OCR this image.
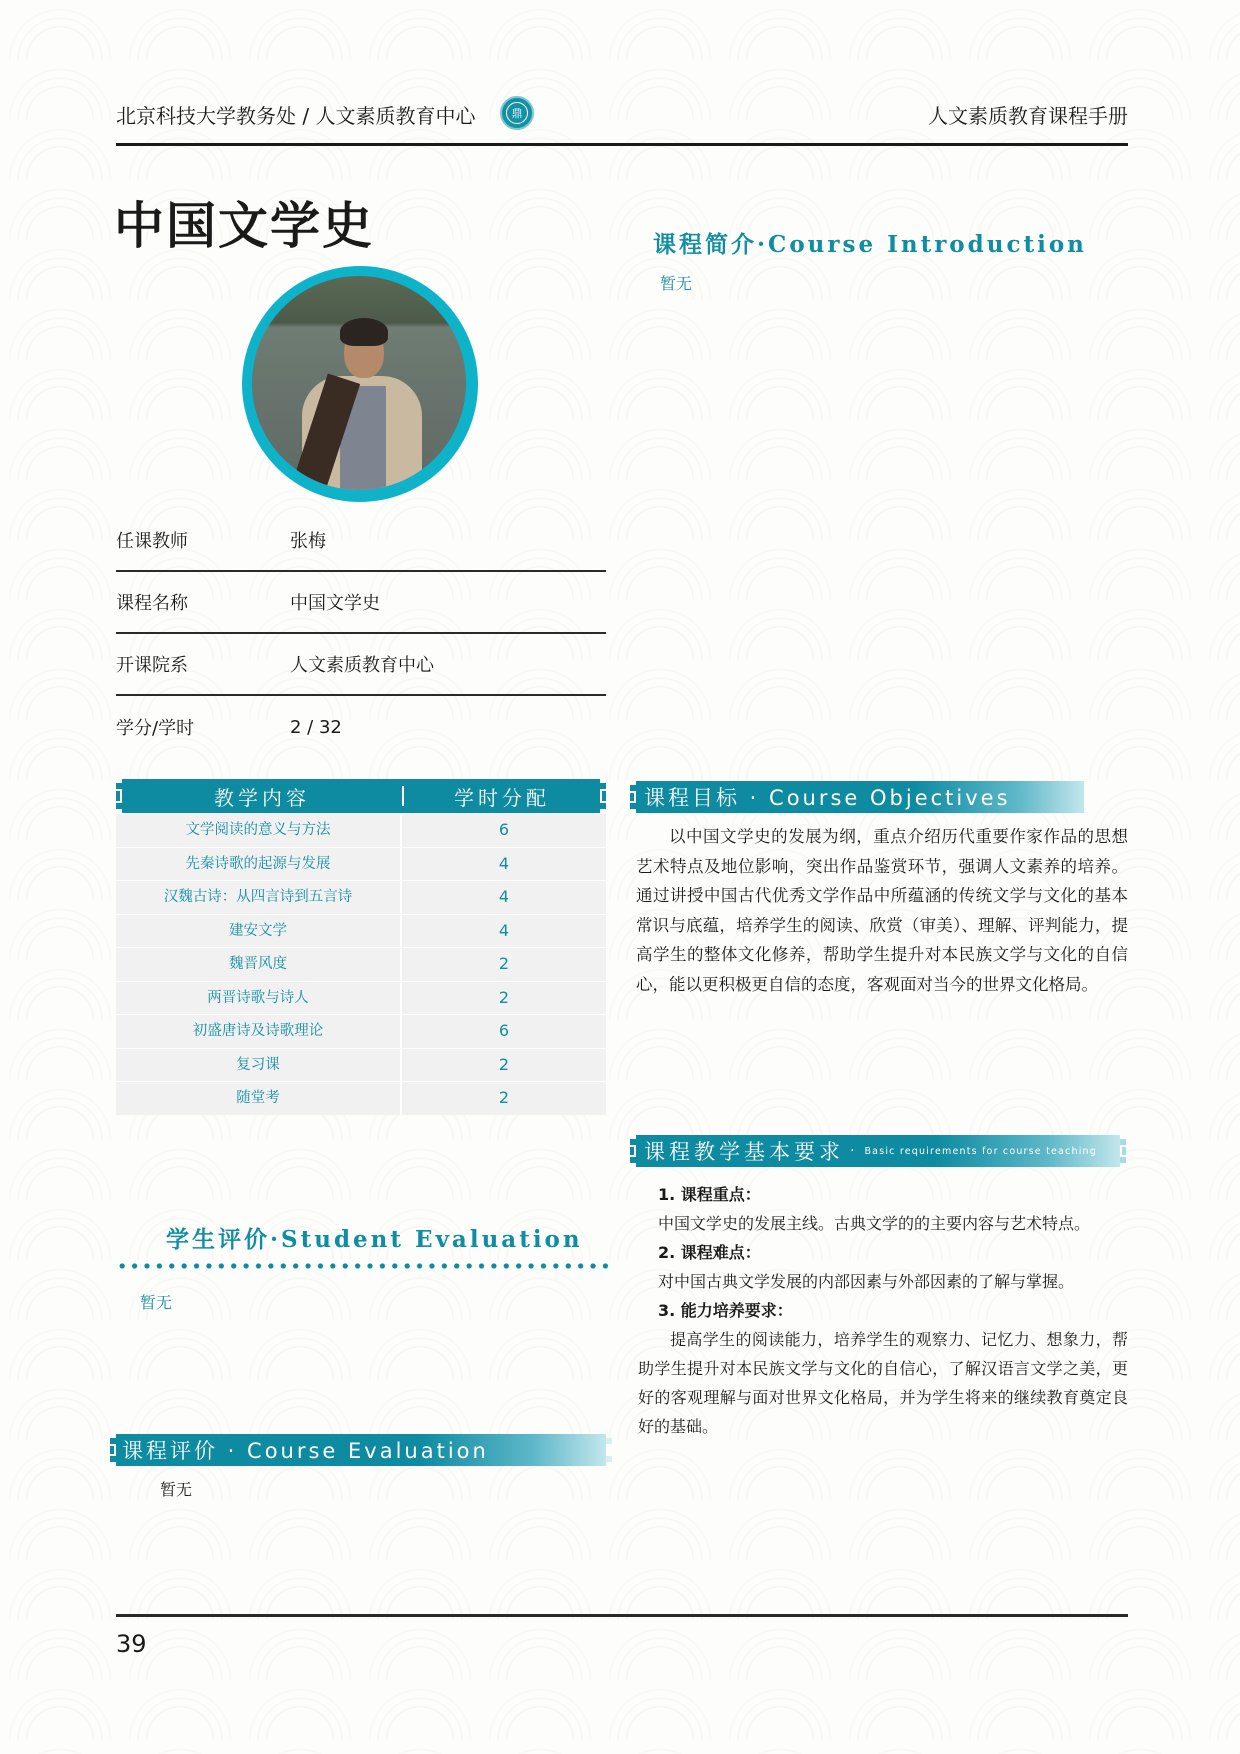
北京科技大学教务处 / 人文素质教育中心	鼎	人文素质教育课程手册
中国文学史	课程简介·Course Introduction
暂无
任课教师	张梅
课程名称	中国文学史
开课院系	人文素质教育中心
学分/学时	2 / 32
教学内容	学时分配
文学阅读的意义与方法	6
先秦诗歌的起源与发展	4
汉魏古诗：从四言诗到五言诗	4
建安文学	4
魏晋风度	2
两晋诗歌与诗人	2
初盛唐诗及诗歌理论	6
复习课	2
随堂考	2
课程目标 · Course Objectives
以中国文学史的发展为纲，重点介绍历代重要作家作品的思想艺术特点及地位影响，突出作品鉴赏环节，强调人文素养的培养。通过讲授中国古代优秀文学作品中所蕴涵的传统文学与文化的基本常识与底蕴，培养学生的阅读、欣赏（审美）、理解、评判能力，提高学生的整体文化修养，帮助学生提升对本民族文学与文化的自信心，能以更积极更自信的态度，客观面对当今的世界文化格局。
课程教学基本要求 · Basic requirements for course teaching
1. 课程重点：
中国文学史的发展主线。古典文学的的主要内容与艺术特点。
2. 课程难点：
对中国古典文学发展的内部因素与外部因素的了解与掌握。
3. 能力培养要求：
提高学生的阅读能力，培养学生的观察力、记忆力、想象力，帮助学生提升对本民族文学与文化的自信心，了解汉语言文学之美，更好的客观理解与面对世界文化格局，并为学生将来的继续教育奠定良好的基础。
学生评价·Student Evaluation
暂无
课程评价 · Course Evaluation
暂无
39
